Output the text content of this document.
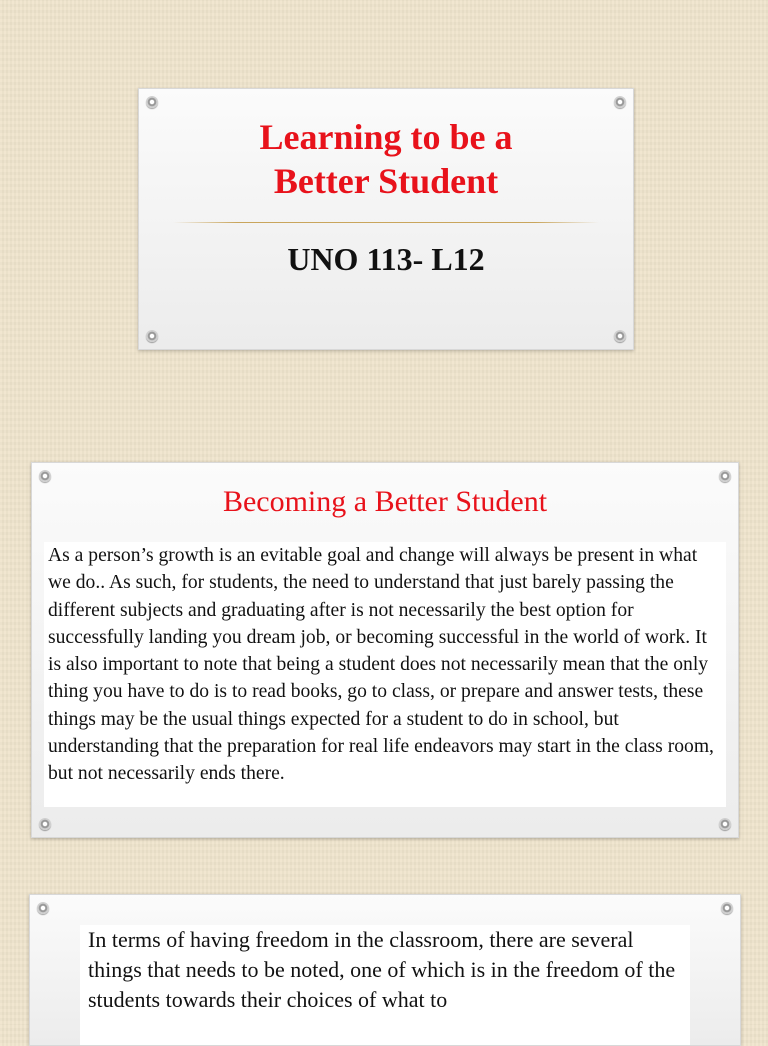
Learning to be a
Better Student
UNO 113- L12
Becoming a Better Student

As a person’s growth is an evitable goal and change will always be present in what we do.. As such, for students, the need to understand that just barely passing the different subjects and graduating after is not necessarily the best option for successfully landing you dream job, or becoming successful in the world of work. It is also important to note that being a student does not necessarily mean that the only thing you have to do is to read books, go to class, or prepare and answer tests, these things may be the usual things expected for a student to do in school, but understanding that the preparation for real life endeavors may start in the class room, but not necessarily ends there.

In terms of having freedom in the classroom, there are several things that needs to be noted, one of which is in the freedom of the students towards their choices of what to
